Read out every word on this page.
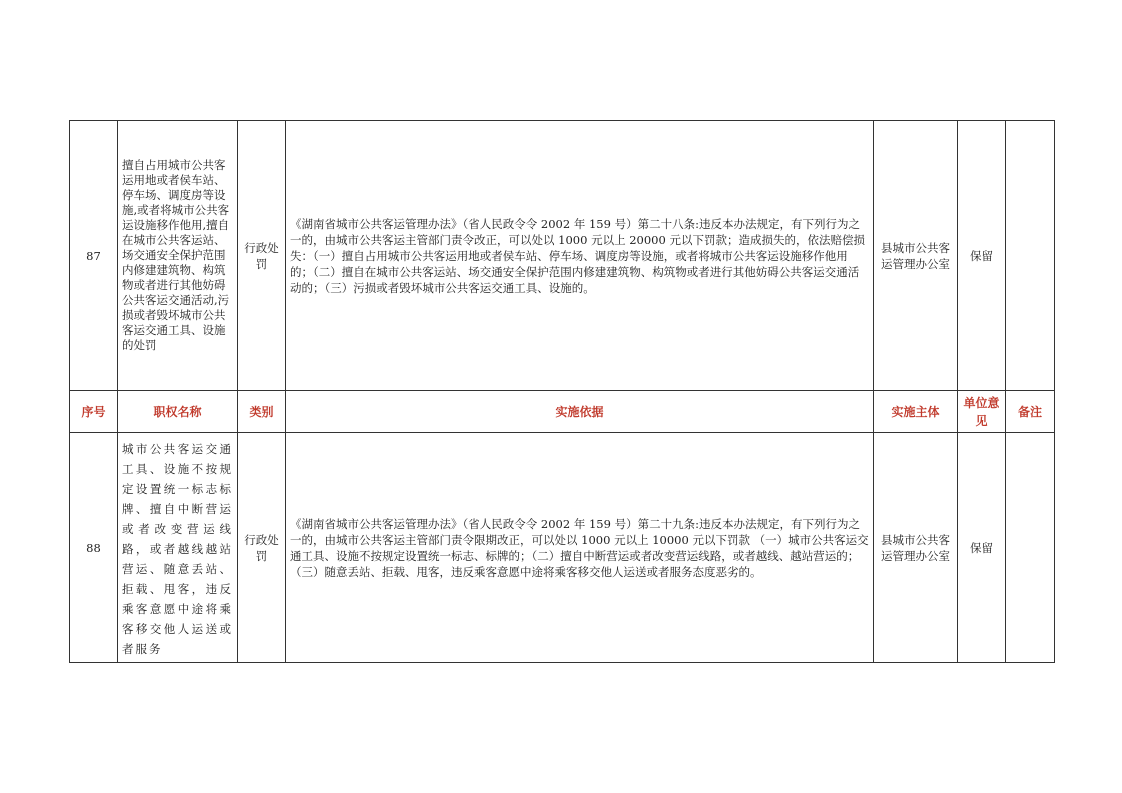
87	擅自占用城市公共客运用地或者侯车站、停车场、调度房等设施,或者将城市公共客运设施移作他用,擅自在城市公共客运站、场交通安全保护范围内修建建筑物、构筑物或者进行其他妨碍公共客运交通活动,污损或者毁坏城市公共客运交通工具、设施的处罚	行政处罚	《湖南省城市公共客运管理办法》（省人民政令令 2002 年 159 号）第二十八条:违反本办法规定，有下列行为之一的，由城市公共客运主管部门责令改正，可以处以 1000 元以上 20000 元以下罚款；造成损失的，依法赔偿损失：（一）擅自占用城市公共客运用地或者侯车站、停车场、调度房等设施，或者将城市公共客运设施移作他用的；（二）擅自在城市公共客运站、场交通安全保护范围内修建建筑物、构筑物或者进行其他妨碍公共客运交通活动的；（三）污损或者毁坏城市公共客运交通工具、设施的。	县城市公共客运管理办公室	保留	
序号	职权名称	类别	实施依据	实施主体	单位意见	备注
88	城市公共客运交通工具、设施不按规定设置统一标志标牌、擅自中断营运或者改变营运线路，或者越线越站营运、随意丢站、拒载、甩客，违反乘客意愿中途将乘客移交他人运送或者服务	行政处罚	《湖南省城市公共客运管理办法》（省人民政令令 2002 年 159 号）第二十九条:违反本办法规定，有下列行为之一的，由城市公共客运主管部门责令限期改正，可以处以 1000 元以上 10000 元以下罚款 （一）城市公共客运交通工具、设施不按规定设置统一标志、标牌的；（二）擅自中断营运或者改变营运线路，或者越线、越站营运的；（三）随意丢站、拒载、甩客，违反乘客意愿中途将乘客移交他人运送或者服务态度恶劣的。	县城市公共客运管理办公室	保留	
